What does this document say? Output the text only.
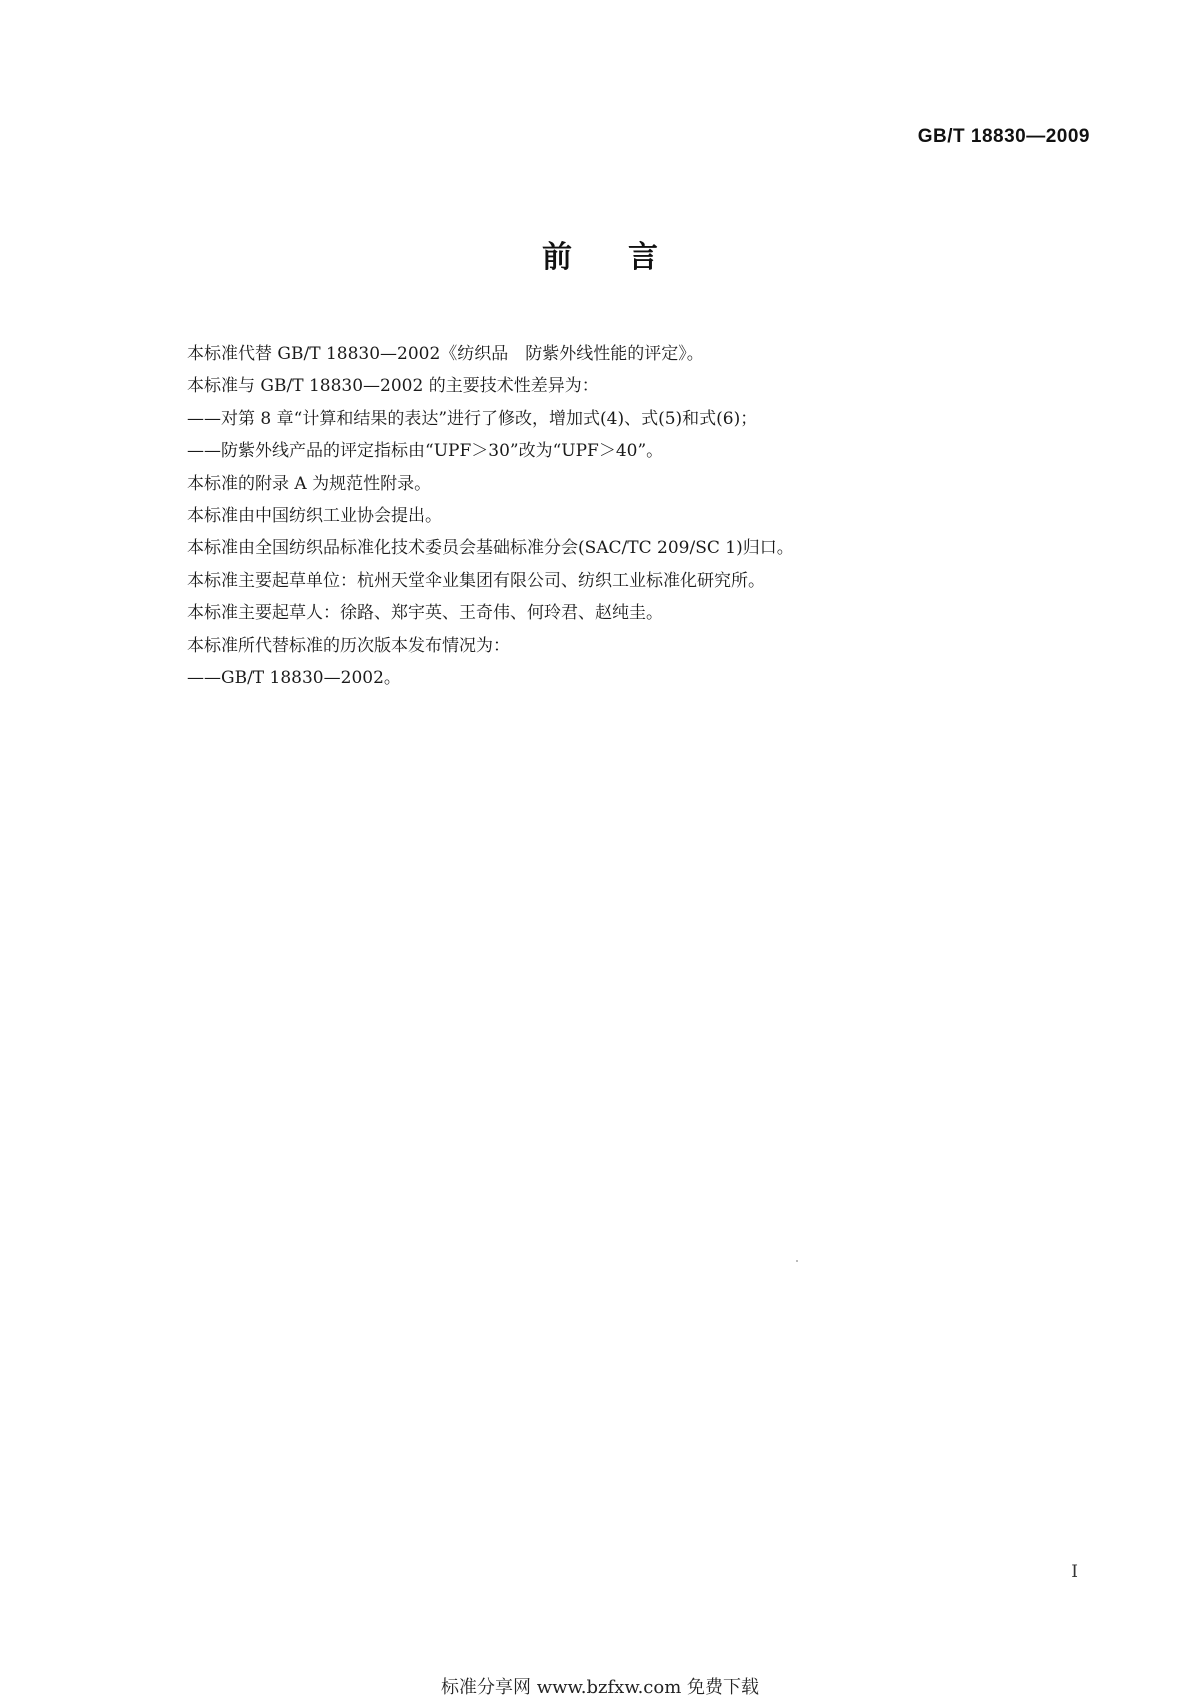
GB/T 18830—2009
前言

本标准代替 GB/T 18830—2002《纺织品　防紫外线性能的评定》。

本标准与 GB/T 18830—2002 的主要技术性差异为：

——对第 8 章“计算和结果的表达”进行了修改，增加式(4)、式(5)和式(6)；

——防紫外线产品的评定指标由“UPF＞30”改为“UPF＞40”。

本标准的附录 A 为规范性附录。

本标准由中国纺织工业协会提出。

本标准由全国纺织品标准化技术委员会基础标准分会(SAC/TC 209/SC 1)归口。

本标准主要起草单位：杭州天堂伞业集团有限公司、纺织工业标准化研究所。

本标准主要起草人：徐路、郑宇英、王奇伟、何玲君、赵纯圭。

本标准所代替标准的历次版本发布情况为：

——GB/T 18830—2002。

I
标准分享网 www.bzfxw.com 免费下载
